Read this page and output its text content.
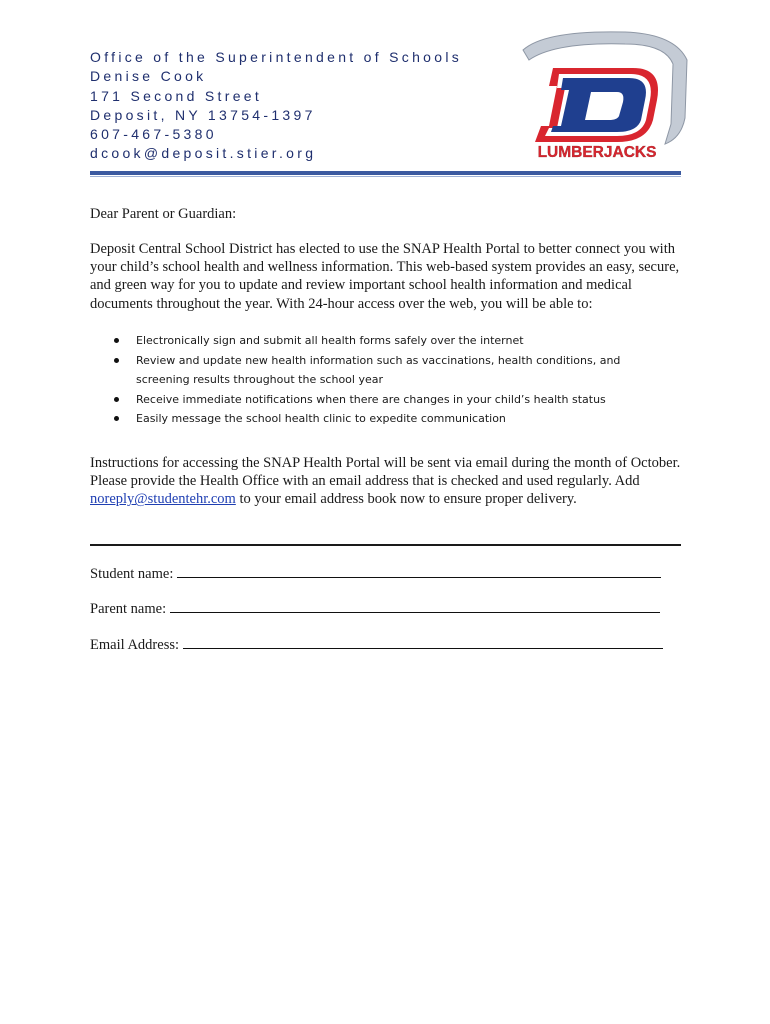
Office of the Superintendent of Schools
Denise Cook
171 Second Street
Deposit, NY 13754-1397
607-467-5380
dcook@deposit.stier.org	LUMBERJACKS
Dear Parent or Guardian:
Deposit Central School District has elected to use the SNAP Health Portal to better connect you with your child’s school health and wellness information. This web-based system provides an easy, secure, and green way for you to update and review important school health information and medical documents throughout the year. With 24-hour access over the web, you will be able to:
Electronically sign and submit all health forms safely over the internet
Review and update new health information such as vaccinations, health conditions, and screening results throughout the school year
Receive immediate notifications when there are changes in your child’s health status
Easily message the school health clinic to expedite communication
Instructions for accessing the SNAP Health Portal will be sent via email during the month of October. Please provide the Health Office with an email address that is checked and used regularly. Add noreply@studentehr.com to your email address book now to ensure proper delivery.
Student name:
Parent name:
Email Address:
